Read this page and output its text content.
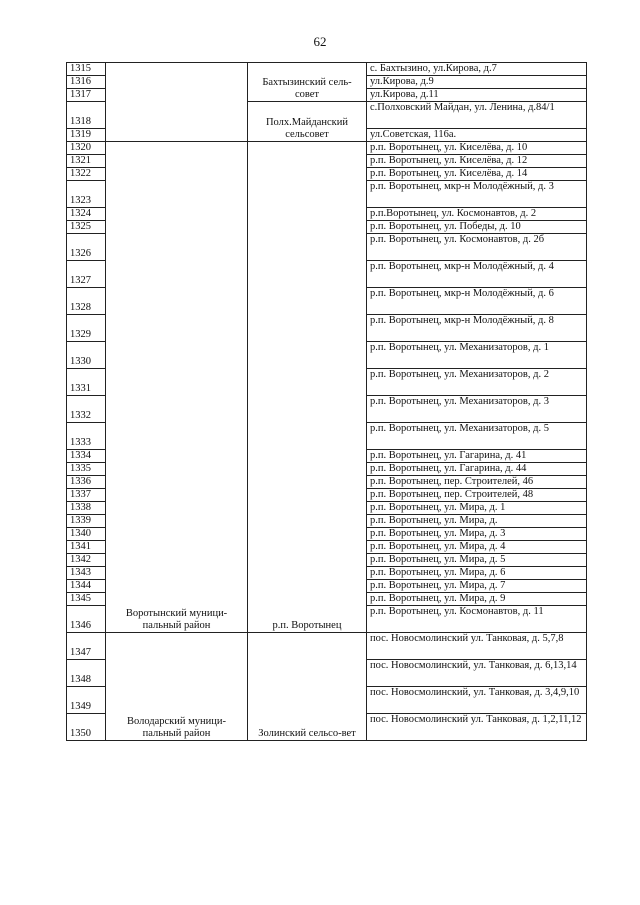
62
1315		Бахтызинский сель-совет	с. Бахтызино, ул.Кирова, д.7
1316			ул.Кирова, д.9
1317			ул.Кирова, д.11
1318		Полх.Майданский сельсовет	с.Полховский Майдан, ул. Ленина, д.84/1
1319			ул.Советская, 116а.
1320	Воротынский муници-пальный район	р.п. Воротынец	р.п. Воротынец, ул. Киселёва, д. 10
1321			р.п. Воротынец, ул. Киселёва, д. 12
1322			р.п. Воротынец, ул. Киселёва, д. 14
1323			р.п. Воротынец, мкр-н Молодёжный, д. 3
1324			р.п.Воротынец, ул. Космонавтов, д. 2
1325			р.п. Воротынец, ул. Победы, д. 10
1326			р.п. Воротынец, ул. Космонавтов, д. 2б
1327			р.п. Воротынец, мкр-н Молодёжный, д. 4
1328			р.п. Воротынец, мкр-н Молодёжный, д. 6
1329			р.п. Воротынец, мкр-н Молодёжный, д. 8
1330			р.п. Воротынец, ул. Механизаторов, д. 1
1331			р.п. Воротынец, ул. Механизаторов, д. 2
1332			р.п. Воротынец, ул. Механизаторов, д. 3
1333			р.п. Воротынец, ул. Механизаторов, д. 5
1334			р.п. Воротынец, ул. Гагарина, д. 41
1335			р.п. Воротынец, ул. Гагарина, д. 44
1336			р.п. Воротынец, пер. Строителей, 46
1337			р.п. Воротынец, пер. Строителей, 48
1338			р.п. Воротынец, ул. Мира, д. 1
1339			р.п. Воротынец, ул. Мира, д.
1340			р.п. Воротынец, ул. Мира, д. 3
1341			р.п. Воротынец, ул. Мира, д. 4
1342			р.п. Воротынец, ул. Мира, д. 5
1343			р.п. Воротынец, ул. Мира, д. 6
1344			р.п. Воротынец, ул. Мира, д. 7
1345			р.п. Воротынец, ул. Мира, д. 9
1346			р.п. Воротынец, ул. Космонавтов, д. 11
1347	Володарский муници-пальный район	Золинский сельсо-вет	пос. Новосмолинский ул. Танковая, д. 5,7,8
1348			пос. Новосмолинский, ул. Танковая, д. 6,13,14
1349			пос. Новосмолинский, ул. Танковая, д. 3,4,9,10
1350			пос. Новосмолинский ул. Танковая, д. 1,2,11,12
